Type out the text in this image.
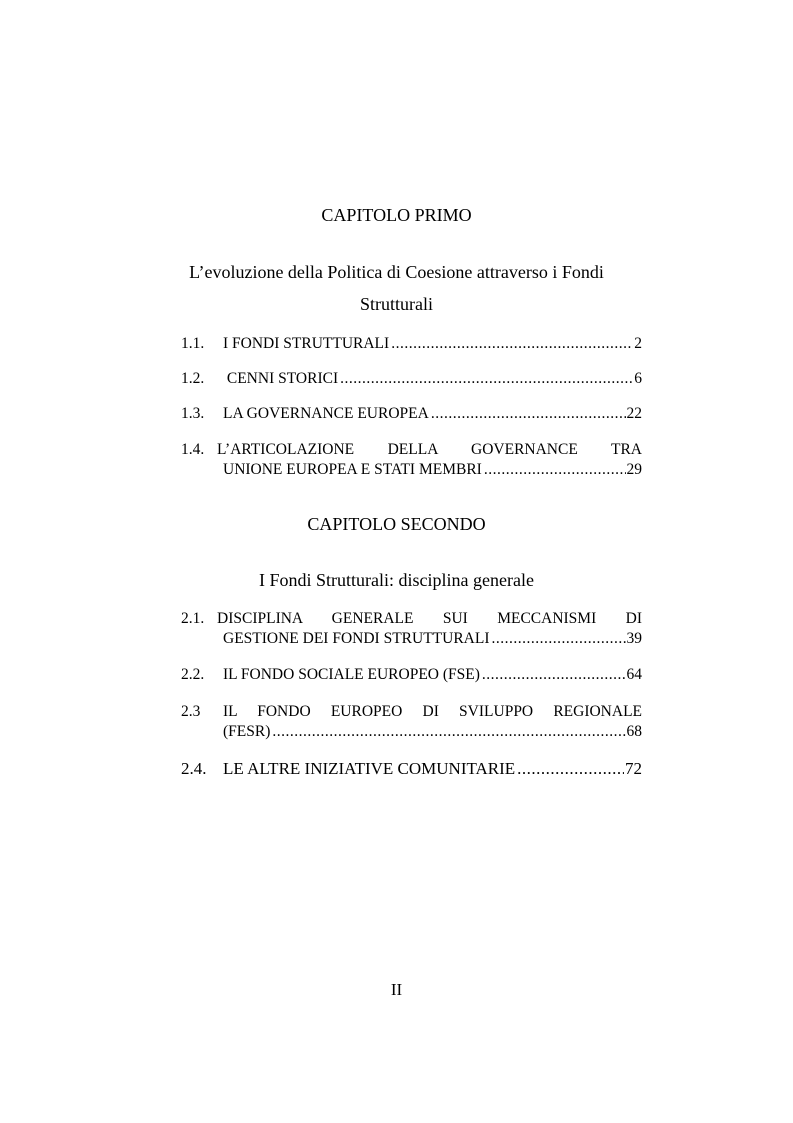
CAPITOLO PRIMO
L’evoluzione della Politica di Coesione attraverso i Fondi
Strutturali
1.1.	I FONDI STRUTTURALI .....	2
1.2.	CENNI STORICI .....	6
1.3.	LA GOVERNANCE EUROPEA .....	22
1.4. L’ARTICOLAZIONE DELLA GOVERNANCE TRA
UNIONE EUROPEA E STATI MEMBRI .....	29
CAPITOLO SECONDO
I Fondi Strutturali: disciplina generale
2.1. DISCIPLINA GENERALE SUI MECCANISMI DI
GESTIONE DEI FONDI STRUTTURALI .....	39
2.2.	IL FONDO SOCIALE EUROPEO (FSE) .....	64
2.3	IL FONDO EUROPEO DI SVILUPPO REGIONALE
(FESR) .....	68
2.4. LE ALTRE INIZIATIVE COMUNITARIE .....	72
II
